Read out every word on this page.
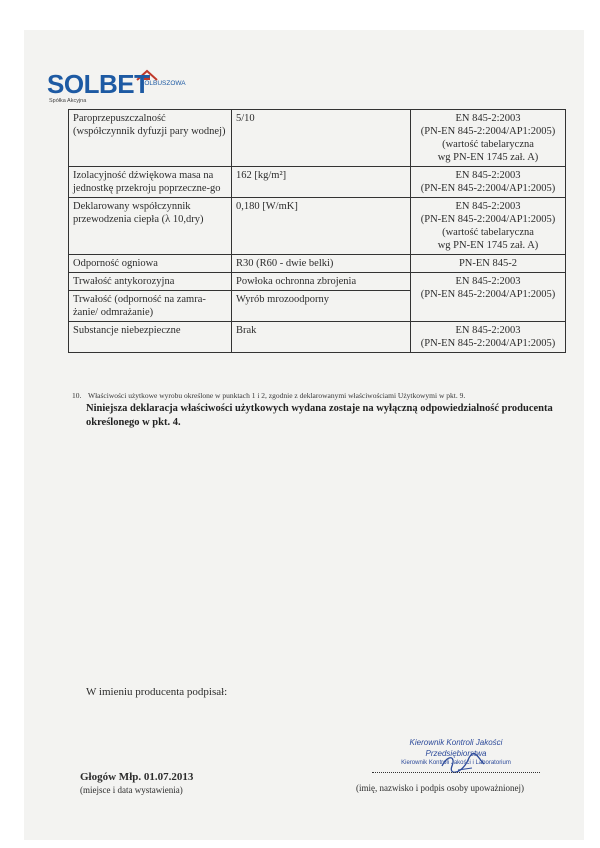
SOLBET
KOLBUSZOWA
Spółka Akcyjna
Paroprzepuszczalność (współczynnik dyfuzji pary wodnej)	5/10	EN 845-2:2003
(PN-EN 845-2:2004/AP1:2005)
(wartość tabelaryczna
wg PN-EN 1745 zał. A)

Izolacyjność dźwiękowa masa na jednostkę przekroju poprzeczne-go	162 [kg/m²]	EN 845-2:2003
(PN-EN 845-2:2004/AP1:2005)

Deklarowany współczynnik przewodzenia ciepła (λ 10,dry)	0,180 [W/mK]	EN 845-2:2003
(PN-EN 845-2:2004/AP1:2005)
(wartość tabelaryczna
wg PN-EN 1745 zał. A)

Odporność ogniowa	R30 (R60 - dwie belki)	PN-EN 845-2

Trwałość antykorozyjna	Powłoka ochronna zbrojenia	EN 845-2:2003
(PN-EN 845-2:2004/AP1:2005)

Trwałość (odporność na zamra-żanie/ odmrażanie)	Wyrób mrozoodporny	
Substancje niebezpieczne	Brak	EN 845-2:2003
(PN-EN 845-2:2004/AP1:2005)
10. Właściwości użytkowe wyrobu określone w punktach 1 i 2, zgodnie z deklarowanymi właściwościami Użytkowymi w pkt. 9.
Niniejsza deklaracja właściwości użytkowych wydana zostaje na wyłączną odpowiedzialność producenta określonego w pkt. 4.
W imieniu producenta podpisał:
Głogów Młp. 01.07.2013
(miejsce i data wystawienia)
Kierownik Kontroli Jakości
Przedsiębiorstwa
Kierownik Kontroli Jakości i Laboratorium
(imię, nazwisko i podpis osoby upoważnionej)
